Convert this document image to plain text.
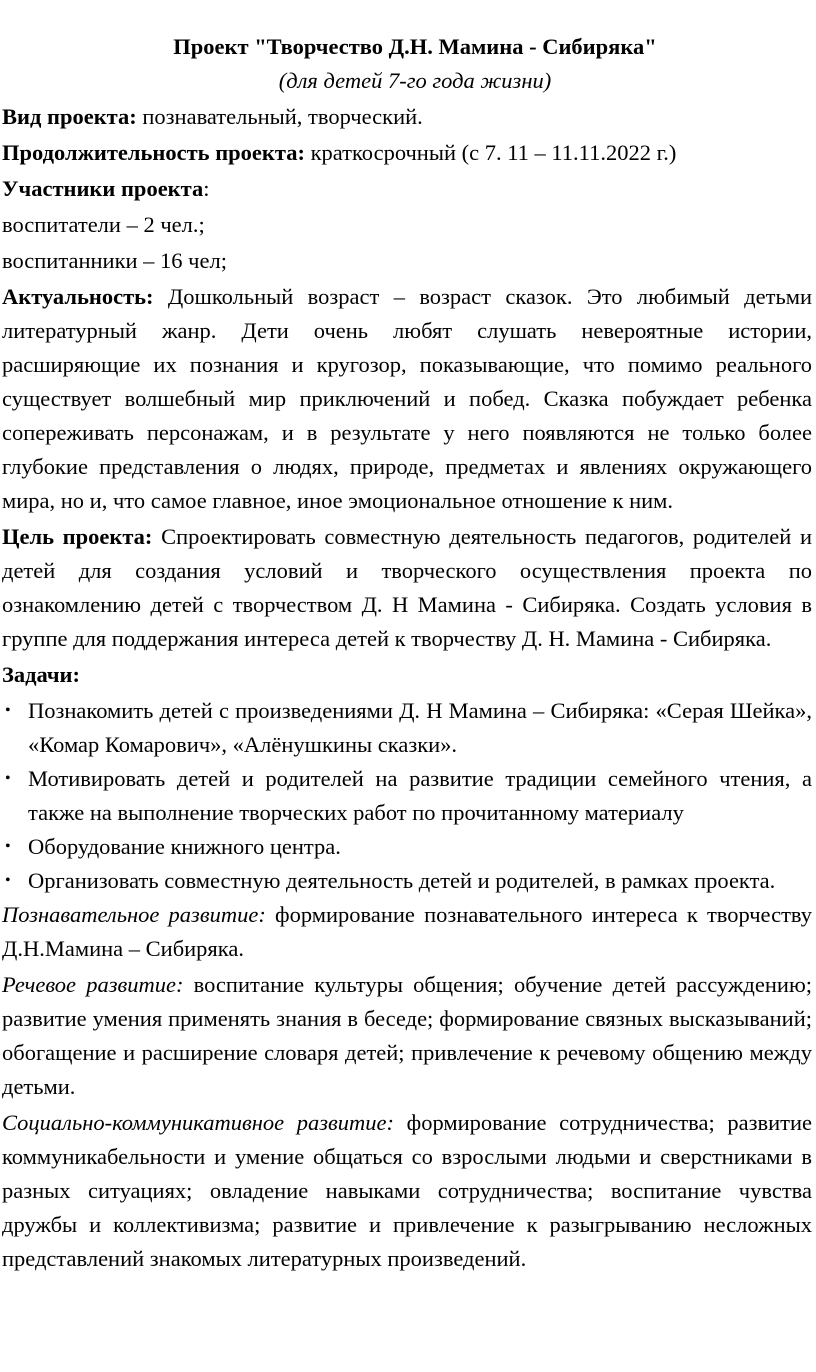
Проект "Творчество Д.Н. Мамина - Сибиряка"

(для детей 7-го года жизни)

Вид проекта: познавательный, творческий.

Продолжительность проекта: краткосрочный (с 7. 11 – 11.11.2022 г.)

Участники проекта:

воспитатели – 2 чел.;

воспитанники – 16 чел;

Актуальность: Дошкольный возраст – возраст сказок. Это любимый детьми литературный жанр. Дети очень любят слушать невероятные истории, расширяющие их познания и кругозор, показывающие, что помимо реального существует волшебный мир приключений и побед. Сказка побуждает ребенка сопереживать персонажам, и в результате у него появляются не только более глубокие представления о людях, природе, предметах и явлениях окружающего мира, но и, что самое главное, иное эмоциональное отношение к ним.

Цель проекта: Спроектировать совместную деятельность педагогов, родителей и детей для создания условий и творческого осуществления проекта по ознакомлению детей с творчеством Д. Н Мамина - Сибиряка. Создать условия в группе для поддержания интереса детей к творчеству Д. Н. Мамина - Сибиряка.

Задачи:

• Познакомить детей с произведениями Д. Н Мамина – Сибиряка: «Серая Шейка», «Комар Комарович», «Алёнушкины сказки».
• Мотивировать детей и родителей на развитие традиции семейного чтения, а также на выполнение творческих работ по прочитанному материалу
• Оборудование книжного центра.
• Организовать совместную деятельность детей и родителей, в рамках проекта.

Познавательное развитие: формирование познавательного интереса к творчеству Д.Н.Мамина – Сибиряка.

Речевое развитие: воспитание культуры общения; обучение детей рассуждению; развитие умения применять знания в беседе; формирование связных высказываний; обогащение и расширение словаря детей; привлечение к речевому общению между детьми.

Социально-коммуникативное развитие: формирование сотрудничества; развитие коммуникабельности и умение общаться со взрослыми людьми и сверстниками в разных ситуациях; овладение навыками сотрудничества; воспитание чувства дружбы и коллективизма; развитие и привлечение к разыгрыванию несложных представлений знакомых литературных произведений.
